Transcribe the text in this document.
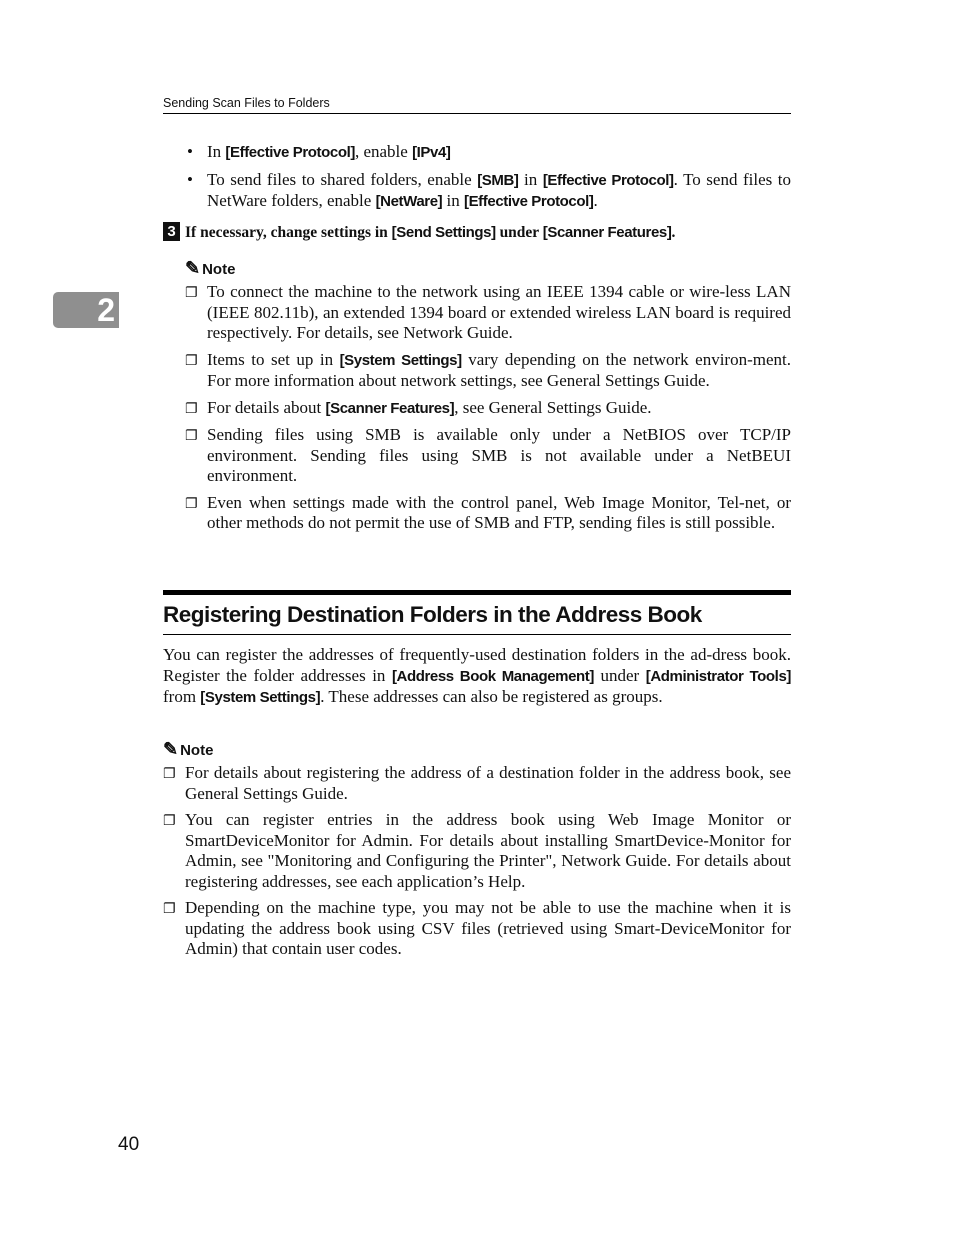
Sending Scan Files to Folders
2
• In [Effective Protocol], enable [IPv4]
• To send files to shared folders, enable [SMB] in [Effective Protocol]. To send files to NetWare folders, enable [NetWare] in [Effective Protocol].
3 If necessary, change settings in [Send Settings] under [Scanner Features].
✎ Note
❐ To connect the machine to the network using an IEEE 1394 cable or wire-less LAN (IEEE 802.11b), an extended 1394 board or extended wireless LAN board is required respectively. For details, see Network Guide.
❐ Items to set up in [System Settings] vary depending on the network environ-ment. For more information about network settings, see General Settings Guide.
❐ For details about [Scanner Features], see General Settings Guide.
❐ Sending files using SMB is available only under a NetBIOS over TCP/IP environment. Sending files using SMB is not available under a NetBEUI environment.
❐ Even when settings made with the control panel, Web Image Monitor, Tel-net, or other methods do not permit the use of SMB and FTP, sending files is still possible.
Registering Destination Folders in the Address Book
You can register the addresses of frequently-used destination folders in the ad-dress book. Register the folder addresses in [Address Book Management] under [Administrator Tools] from [System Settings]. These addresses can also be registered as groups.
✎ Note
❐ For details about registering the address of a destination folder in the address book, see General Settings Guide.
❐ You can register entries in the address book using Web Image Monitor or SmartDeviceMonitor for Admin. For details about installing SmartDevice-Monitor for Admin, see "Monitoring and Configuring the Printer", Network Guide. For details about registering addresses, see each application’s Help.
❐ Depending on the machine type, you may not be able to use the machine when it is updating the address book using CSV files (retrieved using Smart-DeviceMonitor for Admin) that contain user codes.
40
